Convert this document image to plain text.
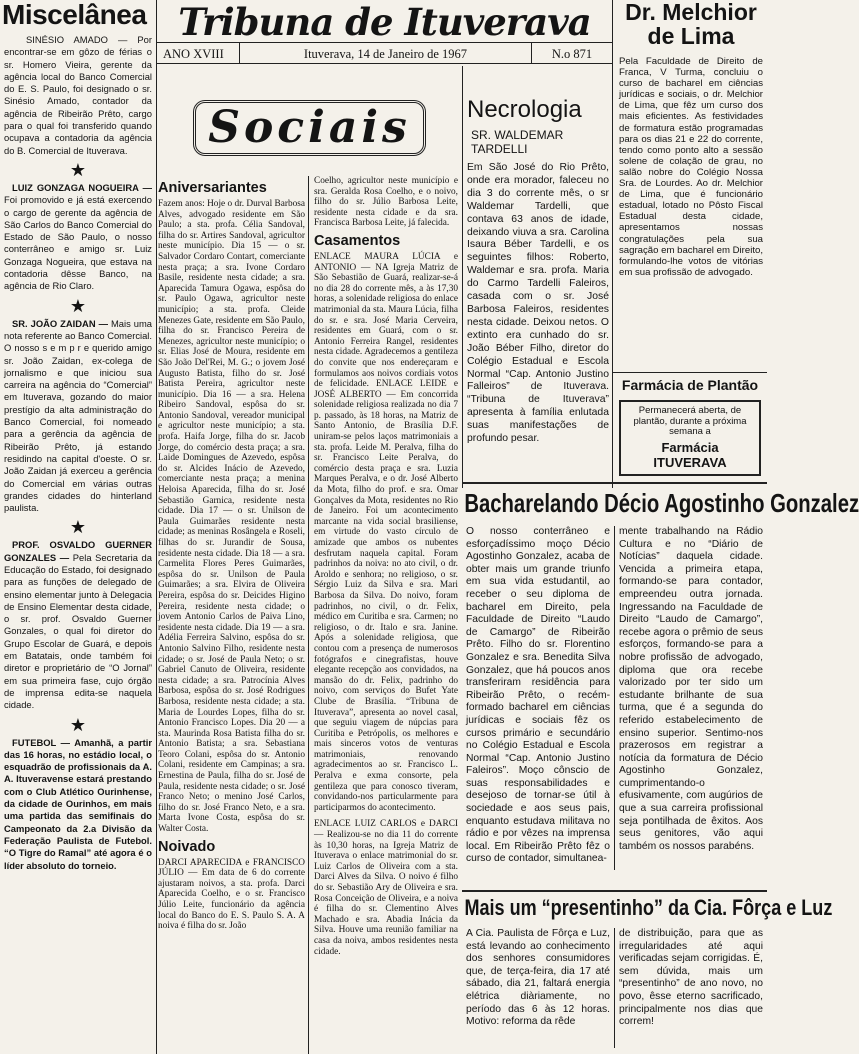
Miscelânea
SINÉSIO AMADO — Por encontrar-se em gôzo de férias o sr. Homero Vieira, gerente da agência local do Banco Comercial do E. S. Paulo, foi designado o sr. Sinésio Amado, contador da agência de Ribeirão Prêto, cargo para o qual foi transferido quando ocupava a contadoria da agência do B. Comercial de Ituverava.
★
LUIZ GONZAGA NOGUEIRA — Foi promovido e já está exercendo o cargo de gerente da agência de São Carlos do Banco Comercial do Estado de São Paulo, o nosso conterrâneo e amigo sr. Luiz Gonzaga Nogueira, que estava na contadoria dêsse Banco, na agência de Rio Claro.
★
SR. JOÃO ZAIDAN — Mais uma nota referente ao Banco Comercial. O nosso s e m p r e querido amigo sr. João Zaidan, ex-colega de jornalismo e que iniciou sua carreira na agência do “Comercial” em Ituverava, gozando do maior prestígio da alta administração do Banco Comercial, foi nomeado para a gerência da agência de Ribeirão Prêto, já estando residindo na capital d'oeste. O sr. João Zaidan já exerceu a gerência do Comercial em várias outras grandes cidades do hinterland paulista.
★
PROF. OSVALDO GUERNER GONZALES — Pela Secretaria da Educação do Estado, foi designado para as funções de delegado de ensino elementar junto à Delegacia de Ensino Elementar desta cidade, o sr. prof. Osvaldo Guerner Gonzales, o qual foi diretor do Grupo Escolar de Guará, e depois em Batatais, onde também foi diretor e proprietário de “O Jornal” em sua primeira fase, cujo órgão de imprensa edita-se naquela cidade.
★
FUTEBOL — Amanhã, a partir das 16 horas, no estádio local, o esquadrão de profissionais da A. A. Ituveravense estará prestando com o Club Atlético Ourinhense, da cidade de Ourinhos, em mais uma partida das semifinais do Campeonato da 2.a Divisão da Federação Paulista de Futebol. “O Tigre do Ramal” até agora é o líder absoluto do torneio.
Tribuna de Ituverava
ANO XVIII	Ituverava, 14 de Janeiro de 1967	N.o 871
Sociais
Aniversariantes
Fazem anos: Hoje o dr. Durval Barbosa Alves, advogado residente em São Paulo; a sta. profa. Célia Sandoval, filha do sr. Artires Sandoval, agricultor neste município. Dia 15 — o sr. Salvador Cordaro Contart, comerciante nesta praça; a sra. Ivone Cordaro Basile, residente nesta cidade; a sra. Aparecida Tamura Ogawa, espôsa do sr. Paulo Ogawa, agricultor neste município; a sta. profa. Cleide Menezes Gate, residente em São Paulo, filha do sr. Francisco Pereira de Menezes, agricultor neste município; o sr. Elias José de Moura, residente em São João Del'Rei, M. G.; o jovem José Augusto Batista, filho do sr. José Batista Pereira, agricultor neste município. Dia 16 — a sra. Helena Ribeiro Sandoval, espôsa do sr. Antonio Sandoval, vereador municipal e agricultor neste município; a sta. profa. Haifa Jorge, filha do sr. Jacob Jorge, do comércio desta praça; a sra. Laide Domingues de Azevedo, espôsa do sr. Alcides Inácio de Azevedo, comerciante nesta praça; a menina Heloisa Aparecida, filha do sr. José Sebastião Garnica, residente nesta cidade. Dia 17 — o sr. Unilson de Paula Guimarães residente nesta cidade; as meninas Rosângela e Roseli, filhas do sr. Jurandir de Sousa, residente nesta cidade. Dia 18 — a sra. Carmelita Flores Peres Guimarães, espôsa do sr. Unilson de Paula Guimarães; a sra. Elvira de Oliveira Pereira, espôsa do sr. Deicides Higino Pereira, residente nesta cidade; o jovem Antonio Carlos de Paiva Lino, residente nesta cidade. Dia 19 — a sra. Adélia Ferreira Salvino, espôsa do sr. Antonio Salvino Filho, residente nesta cidade; o sr. José de Paula Neto; o sr. Gabriel Canuto de Oliveira, residente nesta cidade; a sra. Patrocínia Alves Barbosa, espôsa do sr. José Rodrigues Barbosa, residente nesta cidade; a sta. Maria de Lourdes Lopes, filha do sr. Antonio Francisco Lopes. Dia 20 — a sta. Maurinda Rosa Batista filha do sr. Antonio Batista; a sra. Sebastiana Teoro Colani, espôsa do sr. Antonio Colani, residente em Campinas; a sra. Ernestina de Paula, filha do sr. José de Paula, residente nesta cidade; o sr. José Franco Neto; o menino José Carlos, filho do sr. José Franco Neto, e a sra. Marta Ivone Costa, espôsa do sr. Walter Costa.
Noivado
DARCI APARECIDA e FRANCISCO JÚLIO — Em data de 6 do corrente ajustaram noivos, a sta. profa. Darci Aparecida Coelho, e o sr. Francisco Júlio Leite, funcionário da agência local do Banco do E. S. Paulo S. A. A noiva é filha do sr. João
Coelho, agricultor neste município e sra. Geralda Rosa Coelho, e o noivo, filho do sr. Júlio Barbosa Leite, residente nesta cidade e da sra. Francisca Barbosa Leite, já falecida.
Casamentos
ENLACE MAURA LÚCIA e ANTONIO — NA Igreja Matriz de São Sebastião de Guará, realizar-se-á no dia 28 do corrente mês, a às 17,30 horas, a solenidade religiosa do enlace matrimonial da sta. Maura Lúcia, filha do sr. e sra. José Maria Cerveira, residentes em Guará, com o sr. Antonio Ferreira Rangel, residentes nesta cidade. Agradecemos a gentileza do convite que nos endereçaram e formulamos aos noivos cordiais votos de felicidade. ENLACE LEIDE e JOSÉ ALBERTO — Em concorrida solenidade religiosa realizada no dia 7 p. passado, às 18 horas, na Matriz de Santo Antonio, de Brasília D.F. uniram-se pelos laços matrimoniais a sta. profa. Leide M. Peralva, filha do sr. Francisco Leite Peralva, do comércio desta praça e sra. Luzia Marques Peralva, e o dr. José Alberto da Mota, filho do prof. e sra. Omar Gonçalves da Mota, residentes no Rio de Janeiro. Foi um acontecimento marcante na vida social brasiliense, em virtude do vasto círculo de amizade que ambos os nubentes desfrutam naquela capital. Foram padrinhos da noiva: no ato civil, o dr. Aroldo e senhora; no religioso, o sr. Sérgio Luiz da Silva e sra. Mari Barbosa da Silva. Do noivo, foram padrinhos, no civil, o dr. Felix, médico em Curitiba e sra. Carmen; no religioso, o dr. Italo e sra. Janine. Após a solenidade religiosa, que contou com a presença de numerosos fotógrafos e cinegrafistas, houve elegante recepção aos convidados, na mansão do dr. Felix, padrinho do noivo, com serviços do Bufet Yate Clube de Brasília. “Tribuna de Ituverava”, apresenta ao novel casal, que seguiu viagem de núpcias para Curitiba e Petrópolis, os melhores e mais sinceros votos de venturas matrimoniais, renovando agradecimentos ao sr. Francisco L. Peralva e exma consorte, pela gentileza que para conosco tiveram, convidando-nos particularmente para participarmos do acontecimento.
ENLACE LUIZ CARLOS e DARCI — Realizou-se no dia 11 do corrente às 10,30 horas, na Igreja Matriz de Ituverava o enlace matrimonial do sr. Luiz Carlos de Oliveira com a sta. Darci Alves da Silva. O noivo é filho do sr. Sebastião Ary de Oliveira e sra. Rosa Conceição de Oliveira, e a noiva é filha do sr. Clementino Alves Machado e sra. Abadia Inácia da Silva. Houve uma reunião familiar na casa da noiva, ambos residentes nesta cidade.
Necrologia
SR. WALDEMAR TARDELLI
Em São José do Rio Prêto, onde era morador, faleceu no dia 3 do corrente mês, o sr Waldemar Tardelli, que contava 63 anos de idade, deixando viuva a sra. Carolina Isaura Béber Tardelli, e os seguintes filhos: Roberto, Waldemar e sra. profa. Maria do Carmo Tardelli Faleiros, casada com o sr. José Barbosa Faleiros, residentes nesta cidade. Deixou netos. O extinto era cunhado do sr. João Béber Filho, diretor do Colégio Estadual e Escola Normal “Cap. Antonio Justino Falleiros” de Ituverava. “Tribuna de Ituverava” apresenta à família enlutada suas manifestações de profundo pesar.
Dr. Melchior
de Lima
Pela Faculdade de Direito de Franca, V Turma, concluiu o curso de bacharel em ciências jurídicas e sociais, o dr. Melchior de Lima, que fêz um curso dos mais eficientes. As festividades de formatura estão programadas para os dias 21 e 22 do corrente, tendo como ponto alto a sessão solene de colação de grau, no salão nobre do Colégio Nossa Sra. de Lourdes. Ao dr. Melchior de Lima, que é funcionário estadual, lotado no Pôsto Fiscal Estadual desta cidade, apresentamos nossas congratulações pela sua sagração em bacharel em Direito, formulando-lhe votos de vitórias em sua profissão de advogado.
Farmácia de Plantão
Permanecerá aberta, de plantão, durante a próxima semana a
Farmácia
ITUVERAVA
Bacharelando Décio Agostinho Gonzalez
O nosso conterrâneo e esforçadíssimo moço Décio Agostinho Gonzalez, acaba de obter mais um grande triunfo em sua vida estudantil, ao receber o seu diploma de bacharel em Direito, pela Faculdade de Direito “Laudo de Camargo” de Ribeirão Prêto. Filho do sr. Florentino Gonzalez e sra. Benedita Silva Gonzalez, que há poucos anos transferiram residência para Ribeirão Prêto, o recém-formado bacharel em ciências jurídicas e sociais fêz os cursos primário e secundário no Colégio Estadual e Escola Normal “Cap. Antonio Justino Faleiros”. Moço cônscio de suas responsabilidades e desejoso de tornar-se útil à sociedade e aos seus pais, enquanto estudava militava no rádio e por vêzes na imprensa local. Em Ribeirão Prêto fêz o curso de contador, simultanea-
mente trabalhando na Rádio Cultura e no “Diário de Notícias” daquela cidade. Vencida a primeira etapa, formando-se para contador, empreendeu outra jornada. Ingressando na Faculdade de Direito “Laudo de Camargo”, recebe agora o prêmio de seus esforços, formando-se para a nobre profissão de advogado, diploma que ora recebe valorizado por ter sido um estudante brilhante de sua turma, que é a segunda do referido estabelecimento de ensino superior. Sentimo-nos prazerosos em registrar a notícia da formatura de Décio Agostinho Gonzalez, cumprimentando-o efusivamente, com augúrios de que a sua carreira profissional seja pontilhada de êxitos. Aos seus genitores, vão aqui também os nossos parabéns.
Mais um “presentinho” da Cia. Fôrça e Luz
A Cia. Paulista de Fôrça e Luz, está levando ao conhecimento dos senhores consumidores que, de terça-feira, dia 17 até sábado, dia 21, faltará energia elétrica diàriamente, no período das 6 às 12 horas. Motivo: reforma da rêde
de distribuição, para que as irregularidades até aqui verificadas sejam corrigidas. É, sem dúvida, mais um “presentinho” de ano novo, no povo, êsse eterno sacrificado, principalmente nos dias que correm!
